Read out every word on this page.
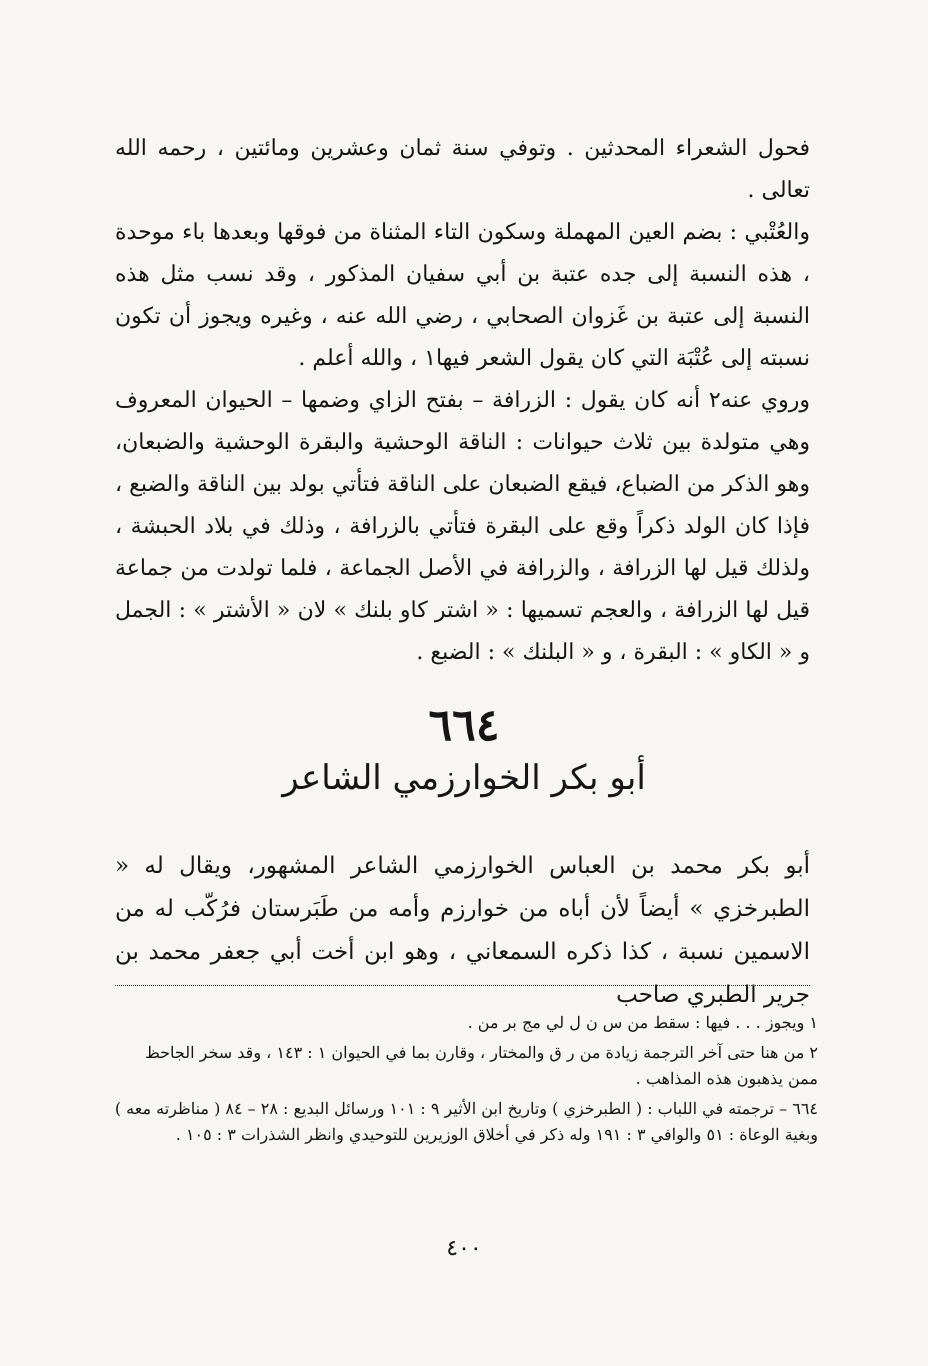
فحول الشعراء المحدثين . وتوفي سنة ثمان وعشرين ومائتين ، رحمه الله تعالى .

والعُتْبي : بضم العين المهملة وسكون التاء المثناة من فوقها وبعدها باء موحدة ، هذه النسبة إلى جده عتبة بن أبي سفيان المذكور ، وقد نسب مثل هذه النسبة إلى عتبة بن غَزوان الصحابي ، رضي الله عنه ، وغيره ويجوز أن تكون نسبته إلى عُتْبَة التي كان يقول الشعر فيها١ ، والله أعلم .

وروي عنه٢ أنه كان يقول : الزرافة – بفتح الزاي وضمها – الحيوان المعروف وهي متولدة بين ثلاث حيوانات : الناقة الوحشية والبقرة الوحشية والضبعان، وهو الذكر من الضباع، فيقع الضبعان على الناقة فتأتي بولد بين الناقة والضبع ، فإذا كان الولد ذكراً وقع على البقرة فتأتي بالزرافة ، وذلك في بلاد الحبشة ، ولذلك قيل لها الزرافة ، والزرافة في الأصل الجماعة ، فلما تولدت من جماعة قيل لها الزرافة ، والعجم تسميها : « اشتر كاو بلنك » لان « الأشتر » : الجمل و « الكاو » : البقرة ، و « البلنك » : الضبع .

٦٦٤
أبو بكر الخوارزمي الشاعر

أبو بكر محمد بن العباس الخوارزمي الشاعر المشهور، ويقال له « الطبرخزي » أيضاً لأن أباه من خوارزم وأمه من طَبَرستان فرُكّب له من الاسمين نسبة ، كذا ذكره السمعاني ، وهو ابن أخت أبي جعفر محمد بن جرير الطبري صاحب

١ ويجوز . . . فيها : سقط من س ن ل لي مج بر من .

٢ من هنا حتى آخر الترجمة زيادة من ر ق والمختار ، وقارن بما في الحيوان ١ : ١٤٣ ، وقد سخر الجاحظ ممن يذهبون هذه المذاهب .

٦٦٤ – ترجمته في اللباب : ( الطبرخزي ) وتاريخ ابن الأثير ٩ : ١٠١ ورسائل البديع : ٢٨ – ٨٤ ( مناظرته معه ) وبغية الوعاة : ٥١ والوافي ٣ : ١٩١ وله ذكر في أخلاق الوزيرين للتوحيدي وانظر الشذرات ٣ : ١٠٥ .

٤٠٠
